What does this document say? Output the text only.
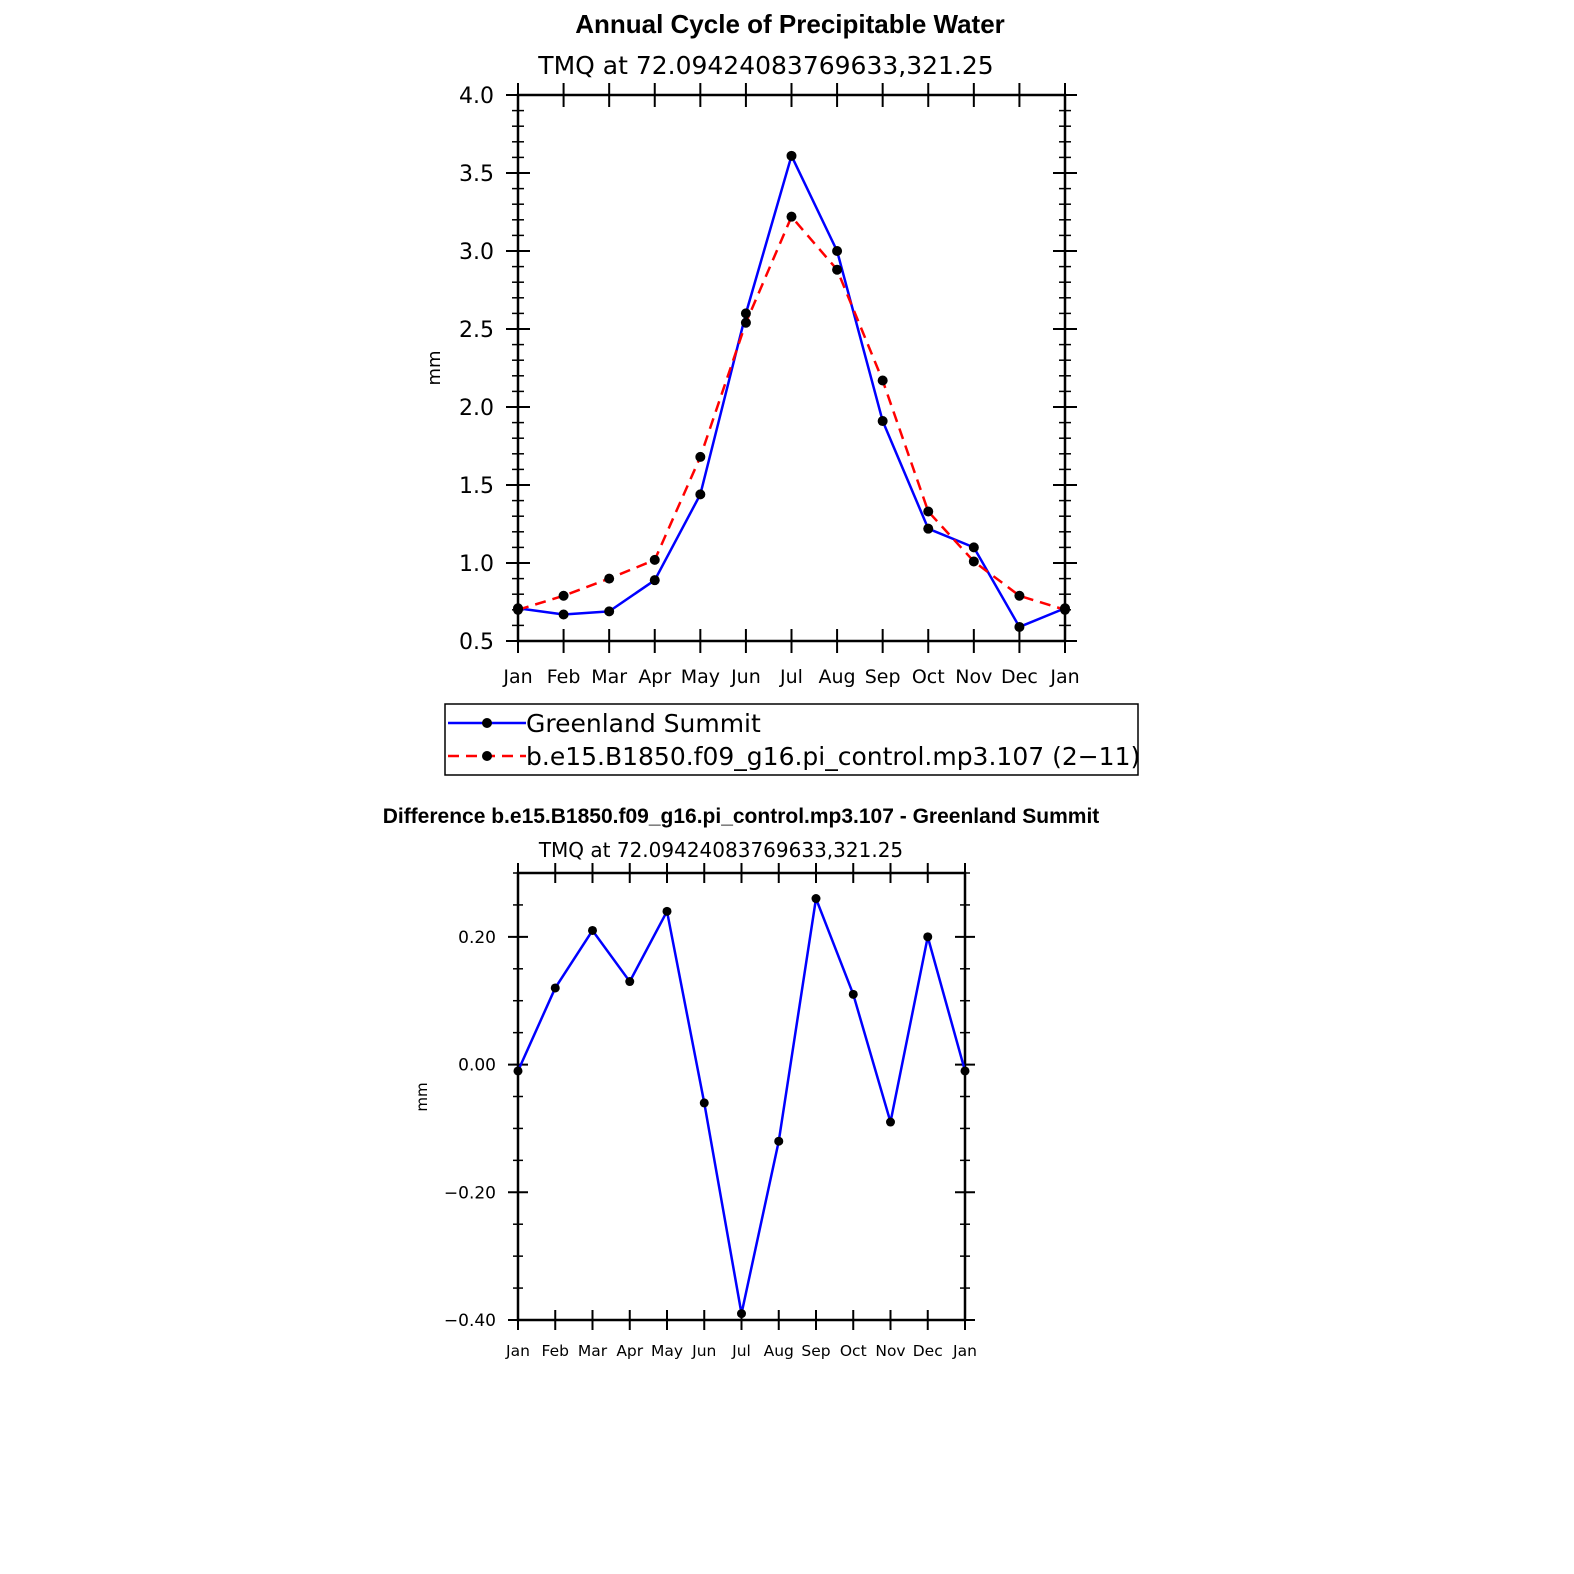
Annual Cycle of Precipitable Water
TMQ at 72.09424083769633,321.25
mm
Jan Feb Mar Apr May Jun Jul Aug Sep Oct Nov Dec Jan
0.5
1.0
1.5
2.0
2.5
3.0
3.5
4.0
Greenland Summit
b.e15.B1850.f09_g16.pi_control.mp3.107 (2−11)
Difference b.e15.B1850.f09_g16.pi_control.mp3.107 - Greenland Summit
TMQ at 72.09424083769633,321.25
mm
Jan Feb Mar Apr May Jun Jul Aug Sep Oct Nov Dec Jan
−0.40
−0.20
0.00
0.20
